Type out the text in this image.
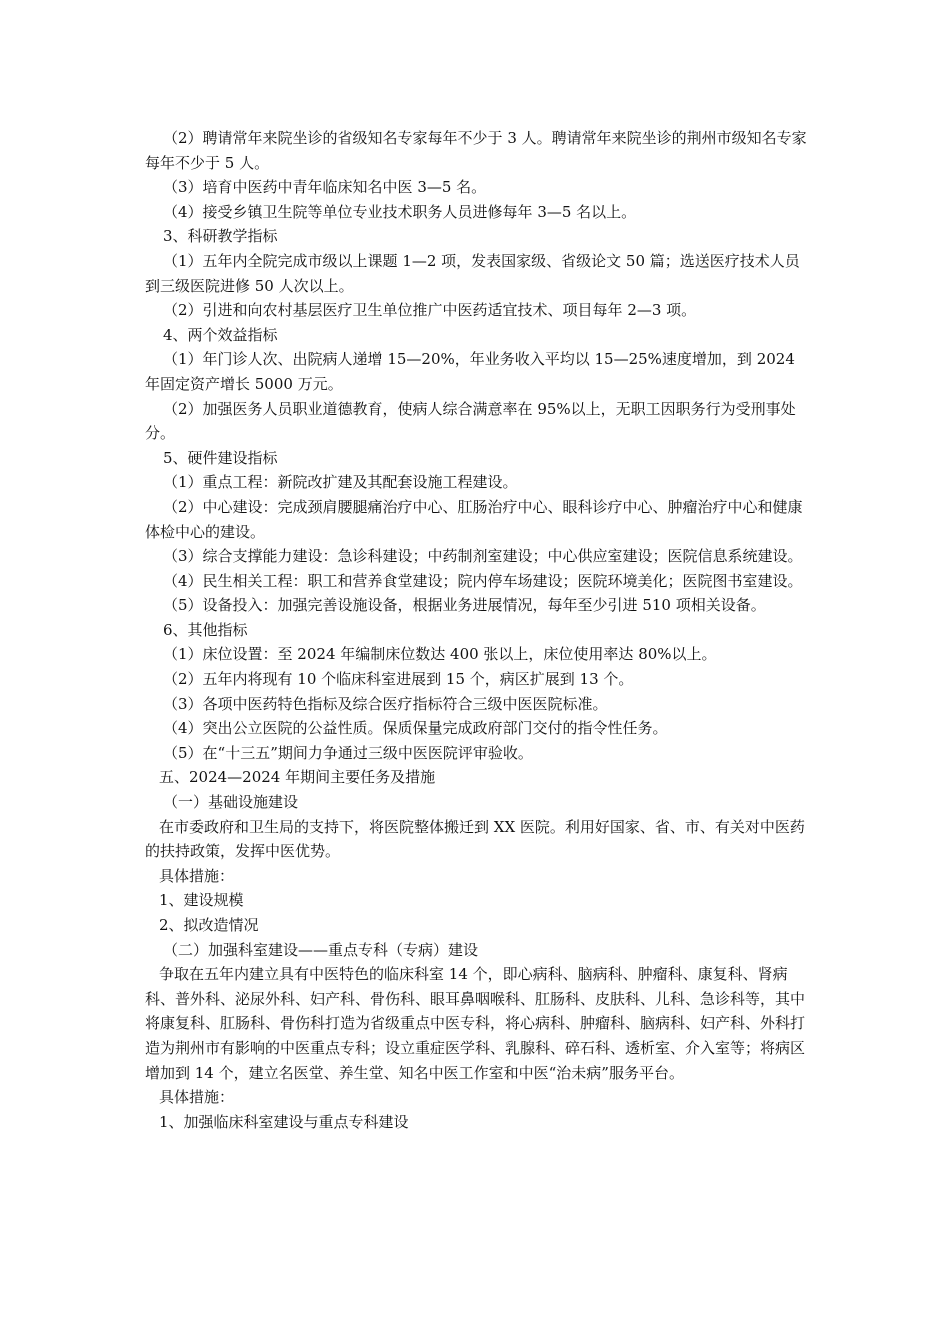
（2）聘请常年来院坐诊的省级知名专家每年不少于 3 人。聘请常年来院坐诊的荆州市级知名专家每年不少于 5 人。

（3）培育中医药中青年临床知名中医 3—5 名。

（4）接受乡镇卫生院等单位专业技术职务人员进修每年 3—5 名以上。

3、科研教学指标

（1）五年内全院完成市级以上课题 1—2 项，发表国家级、省级论文 50 篇；选送医疗技术人员到三级医院进修 50 人次以上。

（2）引进和向农村基层医疗卫生单位推广中医药适宜技术、项目每年 2—3 项。

4、两个效益指标

（1）年门诊人次、出院病人递增 15—20%，年业务收入平均以 15—25%速度增加，到 2024 年固定资产增长 5000 万元。

（2）加强医务人员职业道德教育，使病人综合满意率在 95%以上，无职工因职务行为受刑事处分。

5、硬件建设指标

（1）重点工程：新院改扩建及其配套设施工程建设。

（2）中心建设：完成颈肩腰腿痛治疗中心、肛肠治疗中心、眼科诊疗中心、肿瘤治疗中心和健康体检中心的建设。

（3）综合支撑能力建设：急诊科建设；中药制剂室建设；中心供应室建设；医院信息系统建设。

（4）民生相关工程：职工和营养食堂建设；院内停车场建设；医院环境美化；医院图书室建设。

（5）设备投入：加强完善设施设备，根据业务进展情况，每年至少引进 510 项相关设备。

6、其他指标

（1）床位设置：至 2024 年编制床位数达 400 张以上，床位使用率达 80%以上。

（2）五年内将现有 10 个临床科室进展到 15 个，病区扩展到 13 个。

（3）各项中医药特色指标及综合医疗指标符合三级中医医院标准。

（4）突出公立医院的公益性质。保质保量完成政府部门交付的指令性任务。

（5）在“十三五”期间力争通过三级中医医院评审验收。

五、2024—2024 年期间主要任务及措施

（一）基础设施建设

在市委政府和卫生局的支持下，将医院整体搬迁到 XX 医院。利用好国家、省、市、有关对中医药的扶持政策，发挥中医优势。

具体措施：

1、建设规模

2、拟改造情况

（二）加强科室建设——重点专科（专病）建设

争取在五年内建立具有中医特色的临床科室 14 个，即心病科、脑病科、肿瘤科、康复科、肾病科、普外科、泌尿外科、妇产科、骨伤科、眼耳鼻咽喉科、肛肠科、皮肤科、儿科、急诊科等，其中将康复科、肛肠科、骨伤科打造为省级重点中医专科，将心病科、肿瘤科、脑病科、妇产科、外科打造为荆州市有影响的中医重点专科；设立重症医学科、乳腺科、碎石科、透析室、介入室等；将病区增加到 14 个，建立名医堂、养生堂、知名中医工作室和中医“治未病”服务平台。

具体措施：

1、加强临床科室建设与重点专科建设
